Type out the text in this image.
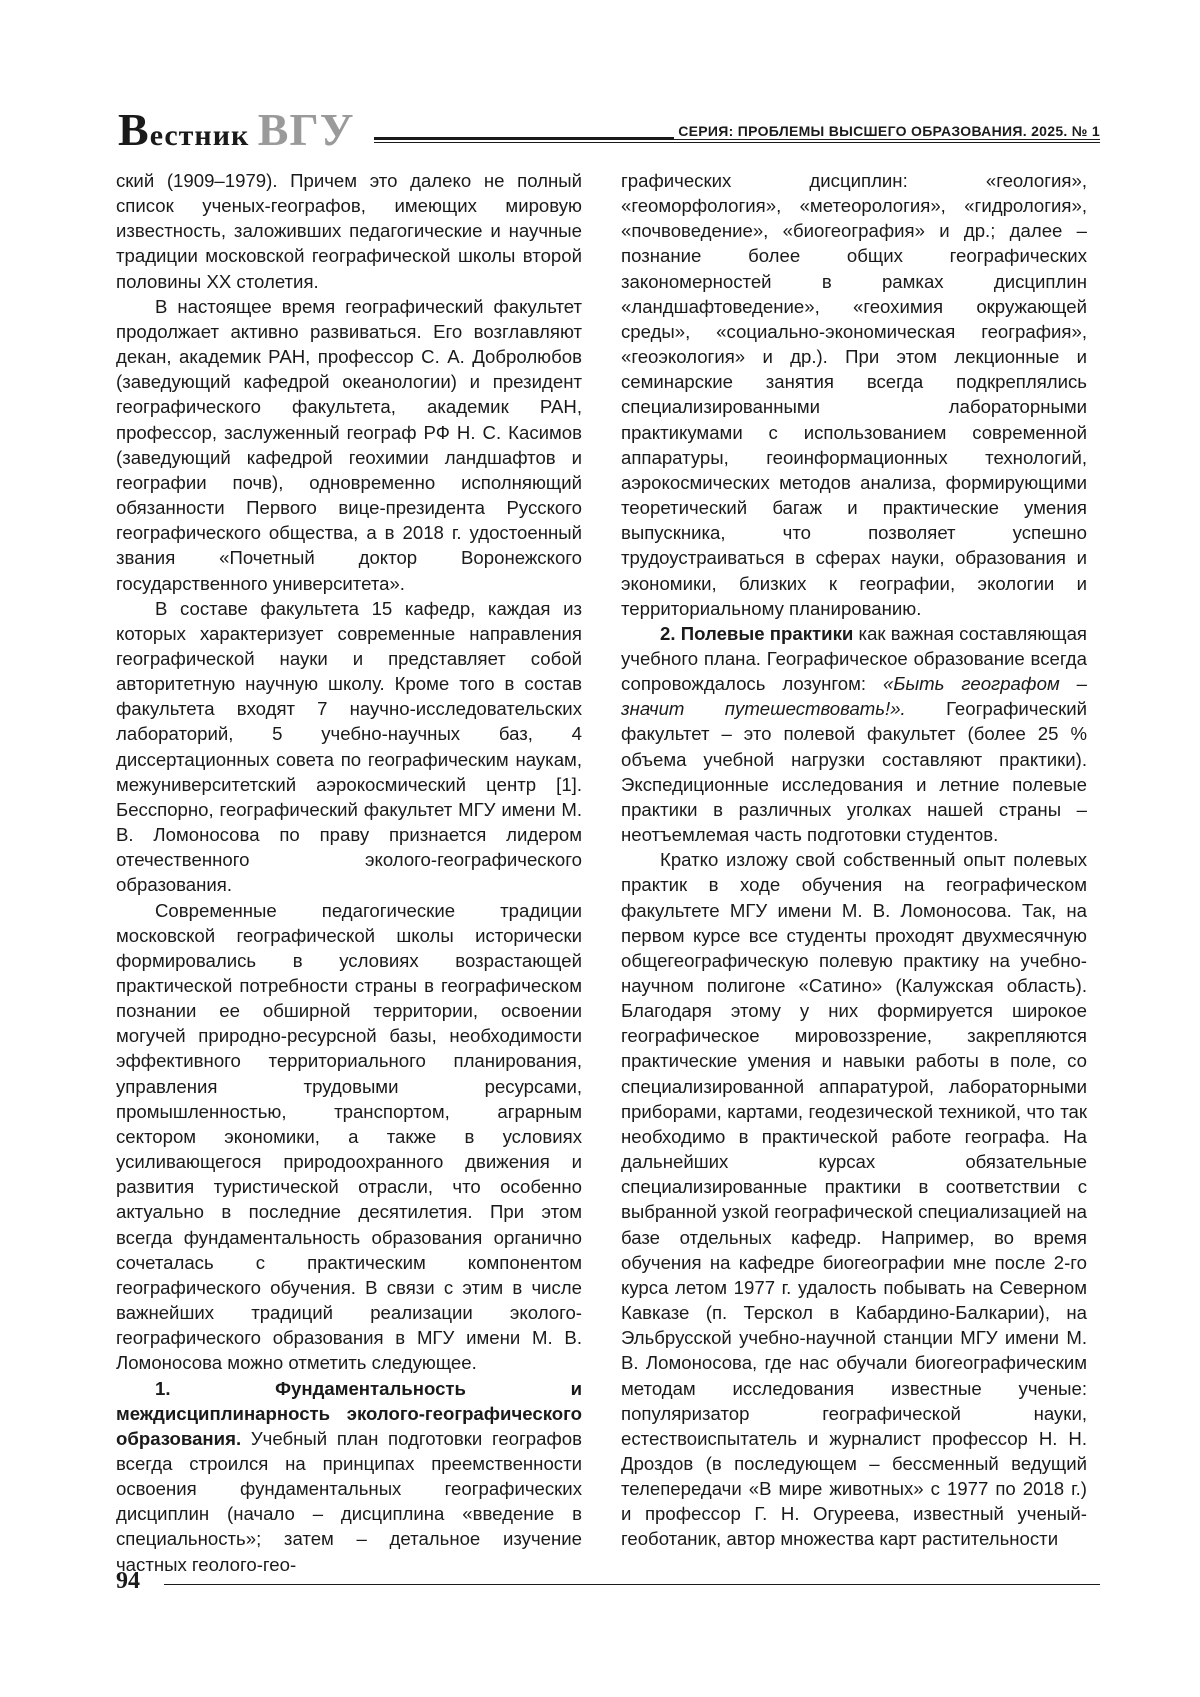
Вестник ВГУ	СЕРИЯ: ПРОБЛЕМЫ ВЫСШЕГО ОБРАЗОВАНИЯ. 2025. № 1

ский (1909–1979). Причем это далеко не полный список ученых-географов, имеющих мировую известность, заложивших педагогические и научные традиции московской географической школы второй половины XX столетия.

В настоящее время географический факультет продолжает активно развиваться. Его возглавляют декан, академик РАН, профессор С. А. Добролюбов (заведующий кафедрой океанологии) и президент географического факультета, академик РАН, профессор, заслуженный географ РФ Н. С. Касимов (заведующий кафедрой геохимии ландшафтов и географии почв), одновременно исполняющий обязанности Первого вице-президента Русского географического общества, а в 2018 г. удостоенный звания «Почетный доктор Воронежского государственного университета».

В составе факультета 15 кафедр, каждая из которых характеризует современные направления географической науки и представляет собой авторитетную научную школу. Кроме того в состав факультета входят 7 научно-исследовательских лабораторий, 5 учебно-научных баз, 4 диссертационных совета по географическим наукам, межуниверситетский аэрокосмический центр [1]. Бесспорно, географический факультет МГУ имени М. В. Ломоносова по праву признается лидером отечественного эколого-географического образования.

Современные педагогические традиции московской географической школы исторически формировались в условиях возрастающей практической потребности страны в географическом познании ее обширной территории, освоении могучей природно-ресурсной базы, необходимости эффективного территориального планирования, управления трудовыми ресурсами, промышленностью, транспортом, аграрным сектором экономики, а также в условиях усиливающегося природоохранного движения и развития туристической отрасли, что особенно актуально в последние десятилетия. При этом всегда фундаментальность образования органично сочеталась с практическим компонентом географического обучения. В связи с этим в числе важнейших традиций реализации эколого-географического образования в МГУ имени М. В. Ломоносова можно отметить следующее.

1. Фундаментальность и междисциплинарность эколого-географического образования. Учебный план подготовки географов всегда строился на принципах преемственности освоения фундаментальных географических дисциплин (начало – дисциплина «введение в специальность»; затем – детальное изучение частных геолого-гео-

графических дисциплин: «геология», «геоморфология», «метеорология», «гидрология», «почвоведение», «биогеография» и др.; далее – познание более общих географических закономерностей в рамках дисциплин «ландшафтоведение», «геохимия окружающей среды», «социально-экономическая география», «геоэкология» и др.). При этом лекционные и семинарские занятия всегда подкреплялись специализированными лабораторными практикумами с использованием современной аппаратуры, геоинформационных технологий, аэрокосмических методов анализа, формирующими теоретический багаж и практические умения выпускника, что позволяет успешно трудоустраиваться в сферах науки, образования и экономики, близких к географии, экологии и территориальному планированию.

2. Полевые практики как важная составляющая учебного плана. Географическое образование всегда сопровождалось лозунгом: «Быть географом – значит путешествовать!». Географический факультет – это полевой факультет (более 25 % объема учебной нагрузки составляют практики). Экспедиционные исследования и летние полевые практики в различных уголках нашей страны – неотъемлемая часть подготовки студентов.

Кратко изложу свой собственный опыт полевых практик в ходе обучения на географическом факультете МГУ имени М. В. Ломоносова. Так, на первом курсе все студенты проходят двухмесячную общегеографическую полевую практику на учебно-научном полигоне «Сатино» (Калужская область). Благодаря этому у них формируется широкое географическое мировоззрение, закрепляются практические умения и навыки работы в поле, со специализированной аппаратурой, лабораторными приборами, картами, геодезической техникой, что так необходимо в практической работе географа. На дальнейших курсах обязательные специализированные практики в соответствии с выбранной узкой географической специализацией на базе отдельных кафедр. Например, во время обучения на кафедре биогеографии мне после 2-го курса летом 1977 г. удалость побывать на Северном Кавказе (п. Терскол в Кабардино-Балкарии), на Эльбрусской учебно-научной станции МГУ имени М. В. Ломоносова, где нас обучали биогеографическим методам исследования известные ученые: популяризатор географической науки, естествоиспытатель и журналист профессор Н. Н. Дроздов (в последующем – бессменный ведущий телепередачи «В мире животных» с 1977 по 2018 г.) и профессор Г. Н. Огуреева, известный ученый-геоботаник, автор множества карт растительности

94
